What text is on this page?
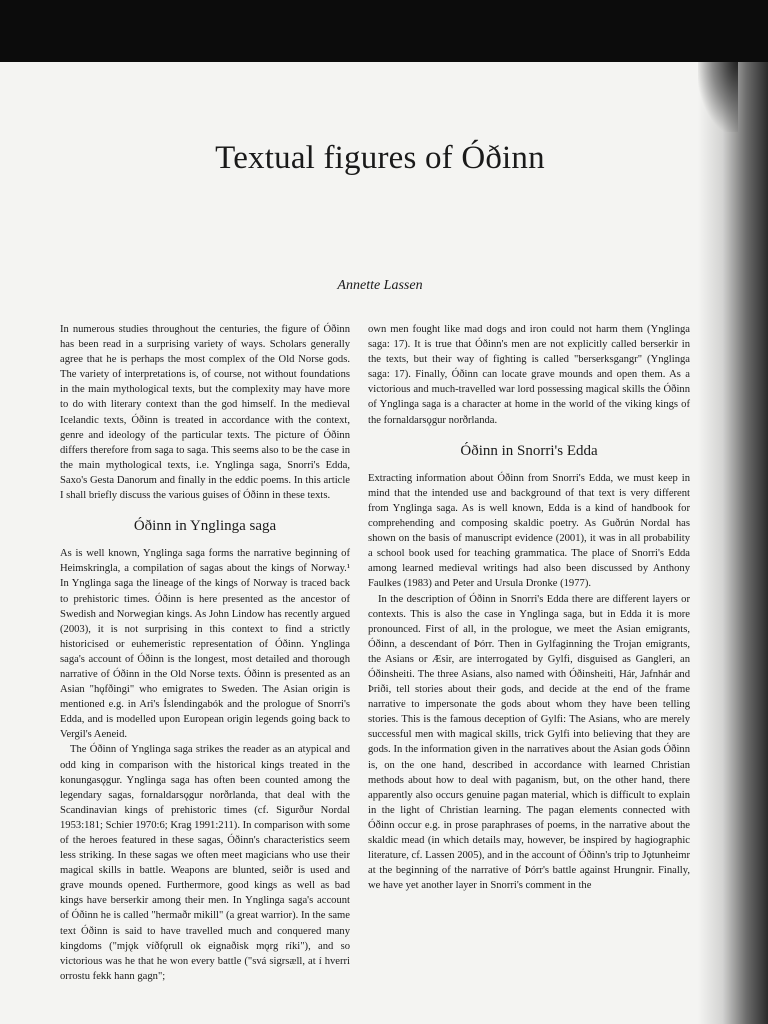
Textual figures of Óðinn
Annette Lassen

In numerous studies throughout the centuries, the figure of Óðinn has been read in a surprising variety of ways. Scholars generally agree that he is perhaps the most complex of the Old Norse gods. The variety of interpretations is, of course, not without foundations in the main mythological texts, but the complexity may have more to do with literary context than the god himself. In the medieval Icelandic texts, Óðinn is treated in accordance with the context, genre and ideology of the particular texts. The picture of Óðinn differs therefore from saga to saga. This seems also to be the case in the main mythological texts, i.e. Ynglinga saga, Snorri's Edda, Saxo's Gesta Danorum and finally in the eddic poems. In this article I shall briefly discuss the various guises of Óðinn in these texts.

Óðinn in Ynglinga saga

As is well known, Ynglinga saga forms the narrative beginning of Heimskringla, a compilation of sagas about the kings of Norway.¹ In Ynglinga saga the lineage of the kings of Norway is traced back to prehistoric times. Óðinn is here presented as the ancestor of Swedish and Norwegian kings. As John Lindow has recently argued (2003), it is not surprising in this context to find a strictly historicised or euhemeristic representation of Óðinn. Ynglinga saga's account of Óðinn is the longest, most detailed and thorough narrative of Óðinn in the Old Norse texts. Óðinn is presented as an Asian "hǫfðingi" who emigrates to Sweden. The Asian origin is mentioned e.g. in Ari's Íslendingabók and the prologue of Snorri's Edda, and is modelled upon European origin legends going back to Vergil's Aeneid.

The Óðinn of Ynglinga saga strikes the reader as an atypical and odd king in comparison with the historical kings treated in the konungasǫgur. Ynglinga saga has often been counted among the legendary sagas, fornaldarsǫgur norðrlanda, that deal with the Scandinavian kings of prehistoric times (cf. Sigurður Nordal 1953:181; Schier 1970:6; Krag 1991:211). In comparison with some of the heroes featured in these sagas, Óðinn's characteristics seem less striking. In these sagas we often meet magicians who use their magical skills in battle. Weapons are blunted, seiðr is used and grave mounds opened. Furthermore, good kings as well as bad kings have berserkir among their men. In Ynglinga saga's account of Óðinn he is called "hermaðr mikill" (a great warrior). In the same text Óðinn is said to have travelled much and conquered many kingdoms ("mjǫk víðfǫrull ok eignaðisk mǫrg ríki"), and so victorious was he that he won every battle ("svá sigrsæll, at í hverri orrostu fekk hann gagn";

own men fought like mad dogs and iron could not harm them (Ynglinga saga: 17). It is true that Óðinn's men are not explicitly called berserkir in the texts, but their way of fighting is called "berserksgangr" (Ynglinga saga: 17). Finally, Óðinn can locate grave mounds and open them. As a victorious and much-travelled war lord possessing magical skills the Óðinn of Ynglinga saga is a character at home in the world of the viking kings of the fornaldarsǫgur norðrlanda.

Óðinn in Snorri's Edda

Extracting information about Óðinn from Snorri's Edda, we must keep in mind that the intended use and background of that text is very different from Ynglinga saga. As is well known, Edda is a kind of handbook for comprehending and composing skaldic poetry. As Guðrún Nordal has shown on the basis of manuscript evidence (2001), it was in all probability a school book used for teaching grammatica. The place of Snorri's Edda among learned medieval writings had also been discussed by Anthony Faulkes (1983) and Peter and Ursula Dronke (1977).

In the description of Óðinn in Snorri's Edda there are different layers or contexts. This is also the case in Ynglinga saga, but in Edda it is more pronounced. First of all, in the prologue, we meet the Asian emigrants, Óðinn, a descendant of Þórr. Then in Gylfaginning the Trojan emigrants, the Asians or Æsir, are interrogated by Gylfi, disguised as Gangleri, an Óðinsheiti. The three Asians, also named with Óðinsheiti, Hár, Jafnhár and Þriði, tell stories about their gods, and decide at the end of the frame narrative to impersonate the gods about whom they have been telling stories. This is the famous deception of Gylfi: The Asians, who are merely successful men with magical skills, trick Gylfi into believing that they are gods. In the information given in the narratives about the Asian gods Óðinn is, on the one hand, described in accordance with learned Christian methods about how to deal with paganism, but, on the other hand, there apparently also occurs genuine pagan material, which is difficult to explain in the light of Christian learning. The pagan elements connected with Óðinn occur e.g. in prose paraphrases of poems, in the narrative about the skaldic mead (in which details may, however, be inspired by hagiographic literature, cf. Lassen 2005), and in the account of Óðinn's trip to Jǫtunheimr at the beginning of the narrative of Þórr's battle against Hrungnir. Finally, we have yet another layer in Snorri's comment in the
